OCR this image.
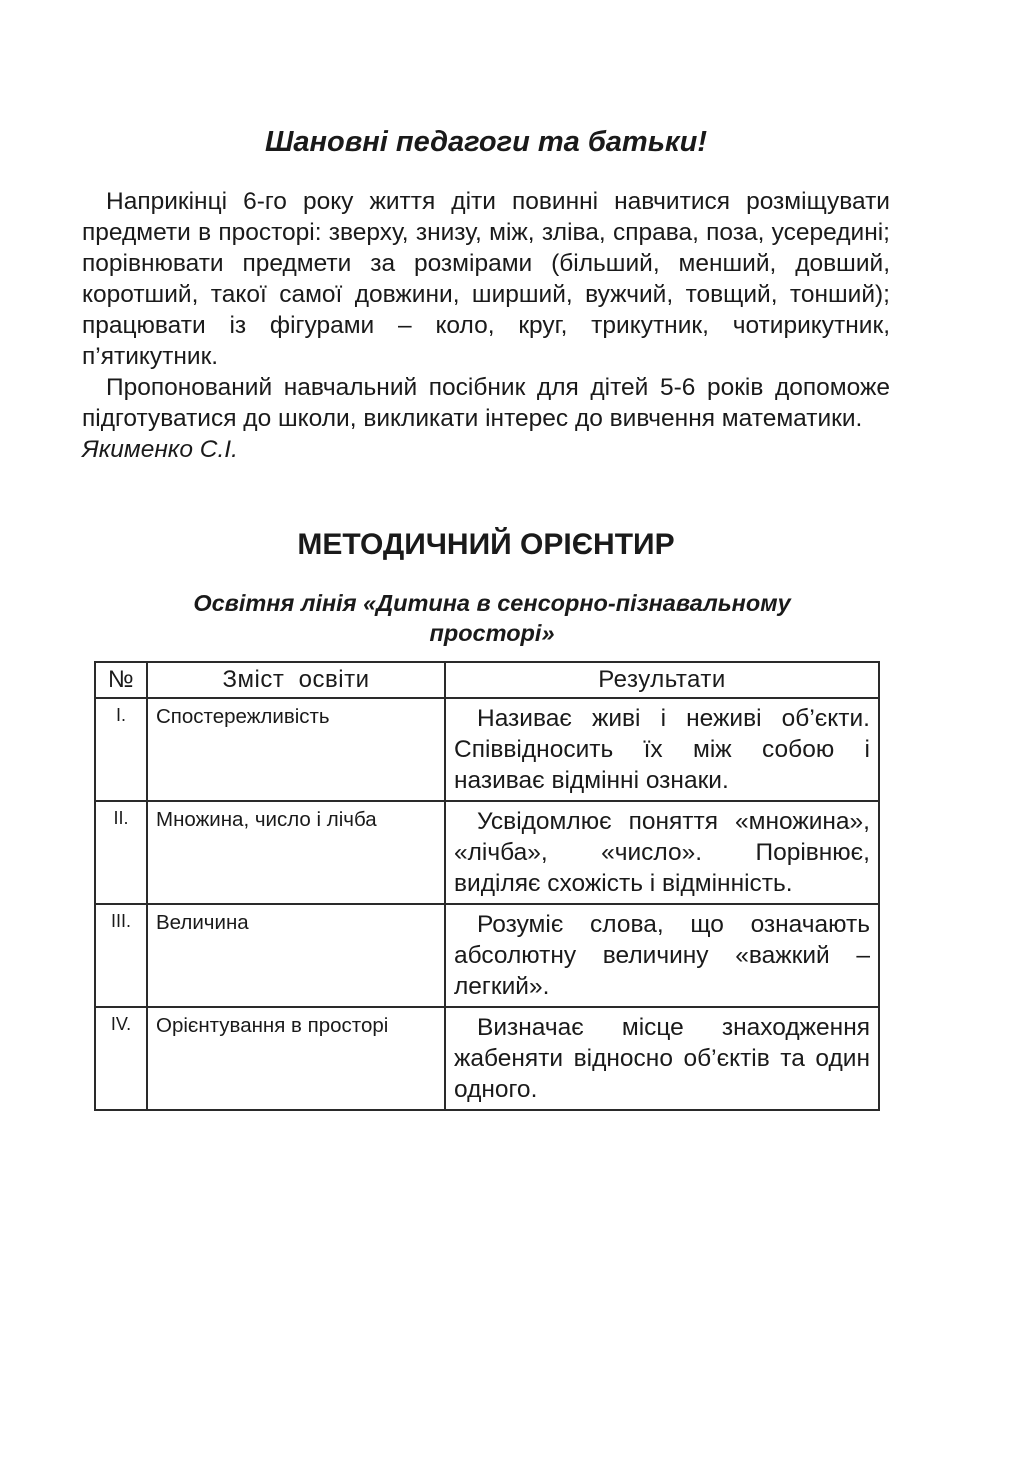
Шановні педагоги та батьки!

Наприкінці 6-го року життя діти повинні навчитися розміщувати предмети в просторі: зверху, знизу, між, зліва, справа, поза, усередині; порівнювати предмети за розмірами (більший, менший, довший, коротший, такої самої довжини, ширший, вужчий, товщий, тонший); працювати із фігурами – коло, круг, трикутник, чотирикутник, п’ятикутник.

Пропонований навчальний посібник для дітей 5-6 років допоможе підготуватися до школи, викликати інтерес до вивчення математики.

Якименко С.І.

МЕТОДИЧНИЙ ОРІЄНТИР
Освітня лінія «Дитина в сенсорно-пізнавальному просторі»
№	Зміст  освіти	Результати
І.	Спостережливість	Називає живі і неживі об’єкти. Співвідносить їх між собою і називає відмінні ознаки.
ІІ.	Множина, число і лічба	Усвідомлює поняття «множина», «лічба», «число». Порівнює, виділяє схожість і відмінність.
ІІІ.	Величина	Розуміє слова, що означають абсолютну величину «важкий – легкий».
IV.	Орієнтування в просторі	Визначає місце знаходження жабеняти відносно об’єктів та один одного.
